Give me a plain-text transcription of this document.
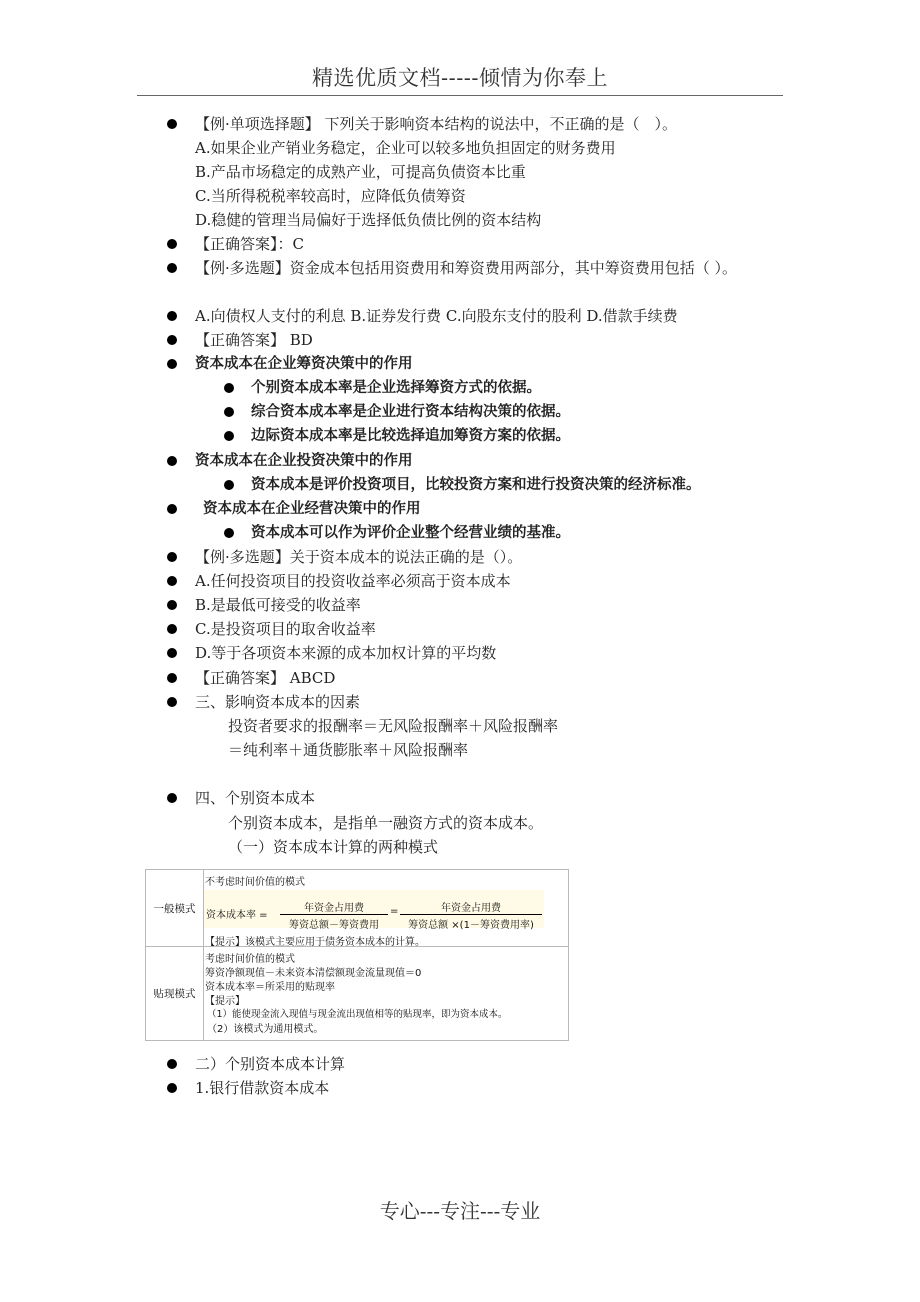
精选优质文档-----倾情为你奉上
【例·单项选择题】 下列关于影响资本结构的说法中，不正确的是（　）。
A.如果企业产销业务稳定，企业可以较多地负担固定的财务费用
B.产品市场稳定的成熟产业，可提高负债资本比重
C.当所得税税率较高时，应降低负债筹资
D.稳健的管理当局偏好于选择低负债比例的资本结构
【正确答案】：C
【例·多选题】资金成本包括用资费用和筹资费用两部分，其中筹资费用包括（ ）。
A.向债权人支付的利息 B.证券发行费 C.向股东支付的股利 D.借款手续费
【正确答案】 BD
资本成本在企业筹资决策中的作用
个别资本成本率是企业选择筹资方式的依据。
综合资本成本率是企业进行资本结构决策的依据。
边际资本成本率是比较选择追加筹资方案的依据。
资本成本在企业投资决策中的作用
资本成本是评价投资项目，比较投资方案和进行投资决策的经济标准。
资本成本在企业经营决策中的作用
资本成本可以作为评价企业整个经营业绩的基准。
【例·多选题】关于资本成本的说法正确的是（）。
A.任何投资项目的投资收益率必须高于资本成本
B.是最低可接受的收益率
C.是投资项目的取舍收益率
D.等于各项资本来源的成本加权计算的平均数
【正确答案】 ABCD
三、影响资本成本的因素
投资者要求的报酬率＝无风险报酬率＋风险报酬率
＝纯利率＋通货膨胀率＋风险报酬率
四、个别资本成本
个别资本成本，是指单一融资方式的资本成本。
（一）资本成本计算的两种模式
一般模式
不考虑时间价值的模式
资本成本率 =
年资金占用费
筹资总额－筹资费用
=	年资金占用费
筹资总额 ×(1－筹资费用率)
【提示】该模式主要应用于债务资本成本的计算。
贴现模式
考虑时间价值的模式
筹资净额现值－未来资本清偿额现金流量现值＝0
资本成本率＝所采用的贴现率
【提示】
（1）能使现金流入现值与现金流出现值相等的贴现率，即为资本成本。
（2）该模式为通用模式。
二）个别资本成本计算
1.银行借款资本成本
专心---专注---专业
